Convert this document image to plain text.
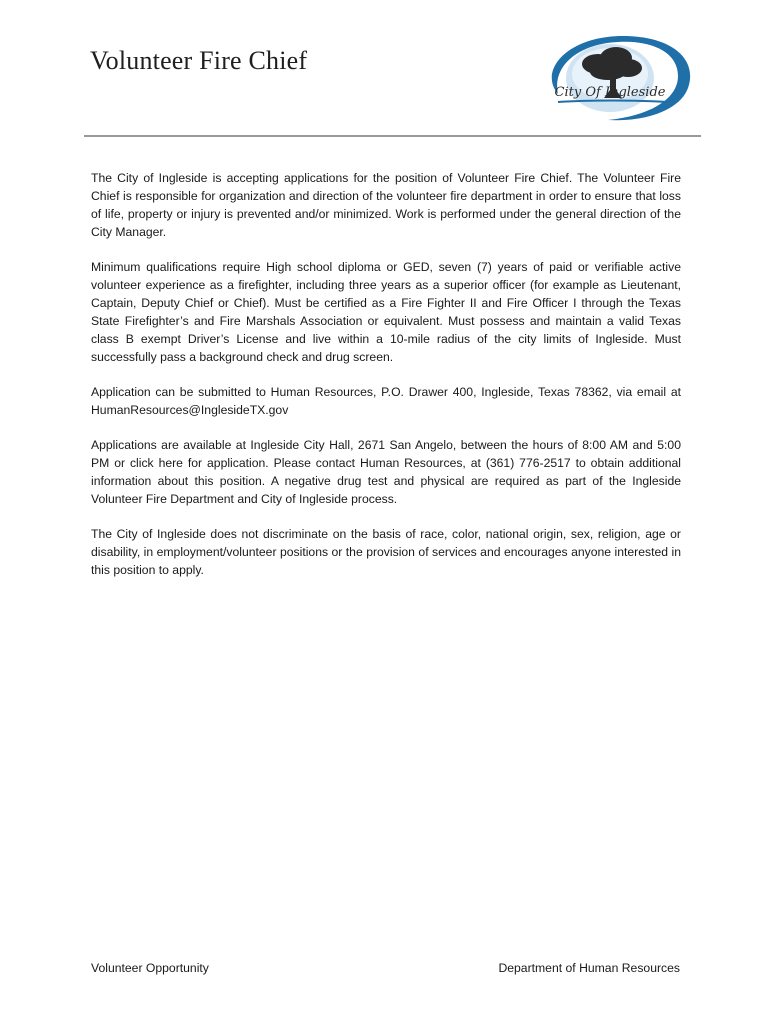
Volunteer Fire Chief
City Of Ingleside

The City of Ingleside is accepting applications for the position of Volunteer Fire Chief. The Volunteer Fire Chief is responsible for organization and direction of the volunteer fire department in order to ensure that loss of life, property or injury is prevented and/or minimized. Work is performed under the general direction of the City Manager.

Minimum qualifications require High school diploma or GED, seven (7) years of paid or verifiable active volunteer experience as a firefighter, including three years as a superior officer (for example as Lieutenant, Captain, Deputy Chief or Chief). Must be certified as a Fire Fighter II and Fire Officer I through the Texas State Firefighter’s and Fire Marshals Association or equivalent. Must possess and maintain a valid Texas class B exempt Driver’s License and live within a 10-mile radius of the city limits of Ingleside. Must successfully pass a background check and drug screen.

Application can be submitted to Human Resources, P.O. Drawer 400, Ingleside, Texas 78362, via email at HumanResources@InglesideTX.gov

Applications are available at Ingleside City Hall, 2671 San Angelo, between the hours of 8:00 AM and 5:00 PM or click here for application. Please contact Human Resources, at (361) 776-2517 to obtain additional information about this position. A negative drug test and physical are required as part of the Ingleside Volunteer Fire Department and City of Ingleside process.

The City of Ingleside does not discriminate on the basis of race, color, national origin, sex, religion, age or disability, in employment/volunteer positions or the provision of services and encourages anyone interested in this position to apply.

Volunteer Opportunity	Department of Human Resources
